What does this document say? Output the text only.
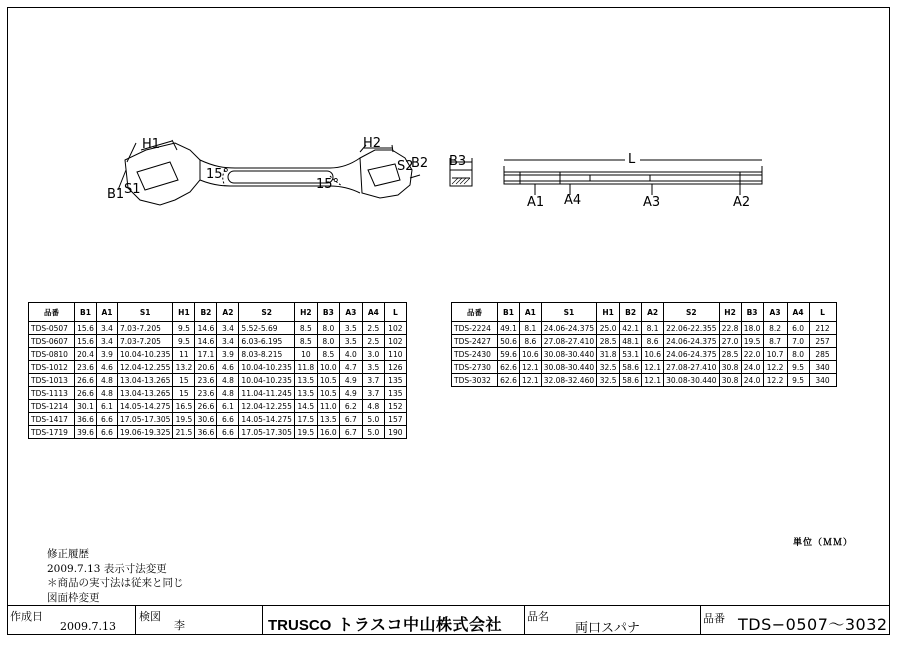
H1
S1
B1
15°
15°
H2
S2
B2 B3	L
A1 A4	A3	A2
品番	B1	A1	S1	H1	B2	A2	S2	H2	B3	A3	A4	L
TDS-0507	15.6	3.4	7.03-7.205	9.5	14.6	3.4	5.52-5.69	8.5	8.0	3.5	2.5	102
TDS-0607	15.6	3.4	7.03-7.205	9.5	14.6	3.4	6.03-6.195	8.5	8.0	3.5	2.5	102
TDS-0810	20.4	3.9	10.04-10.235	11	17.1	3.9	8.03-8.215	10	8.5	4.0	3.0	110
TDS-1012	23.6	4.6	12.04-12.255	13.2	20.6	4.6	10.04-10.235	11.8	10.0	4.7	3.5	126
TDS-1013	26.6	4.8	13.04-13.265	15	23.6	4.8	10.04-10.235	13.5	10.5	4.9	3.7	135
TDS-1113	26.6	4.8	13.04-13.265	15	23.6	4.8	11.04-11.245	13.5	10.5	4.9	3.7	135
TDS-1214	30.1	6.1	14.05-14.275	16.5	26.6	6.1	12.04-12.255	14.5	11.0	6.2	4.8	152
TDS-1417	36.6	6.6	17.05-17.305	19.5	30.6	6.6	14.05-14.275	17.5	13.5	6.7	5.0	157
TDS-1719	39.6	6.6	19.06-19.325	21.5	36.6	6.6	17.05-17.305	19.5	16.0	6.7	5.0	190
品番	B1	A1	S1	H1	B2	A2	S2	H2	B3	A3	A4	L
TDS-2224	49.1	8.1	24.06-24.375	25.0	42.1	8.1	22.06-22.355	22.8	18.0	8.2	6.0	212
TDS-2427	50.6	8.6	27.08-27.410	28.5	48.1	8.6	24.06-24.375	27.0	19.5	8.7	7.0	257
TDS-2430	59.6	10.6	30.08-30.440	31.8	53.1	10.6	24.06-24.375	28.5	22.0	10.7	8.0	285
TDS-2730	62.6	12.1	30.08-30.440	32.5	58.6	12.1	27.08-27.410	30.8	24.0	12.2	9.5	340
TDS-3032	62.6	12.1	32.08-32.460	32.5	58.6	12.1	30.08-30.440	30.8	24.0	12.2	9.5	340
単位（ＭＭ）
修正履歴
2009.7.13 表示寸法変更
＊商品の実寸法は従来と同じ
図面枠変更
作成日
2009.7.13
検図
李	TRUSCO トラスコ中山株式会社 品名
両口スパナ
品番 TDS−0507〜3032
